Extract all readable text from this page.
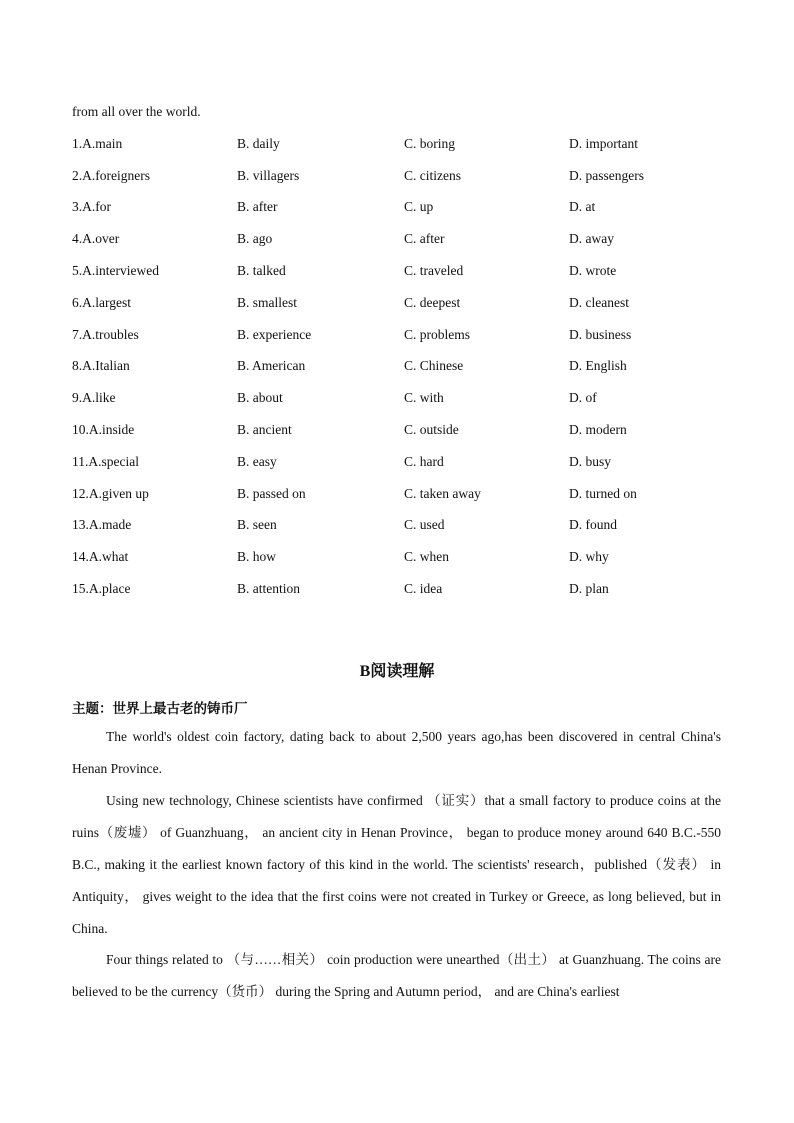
from all over the world.
1.A.main	B. daily	C. boring	D. important
2.A.foreigners	B. villagers	C. citizens	D. passengers
3.A.for	B. after	C. up	D. at
4.A.over	B. ago	C. after	D. away
5.A.interviewed	B. talked	C. traveled	D. wrote
6.A.largest	B. smallest	C. deepest	D. cleanest
7.A.troubles	B. experience	C. problems	D. business
8.A.Italian	B. American	C. Chinese	D. English
9.A.like	B. about	C. with	D. of
10.A.inside	B. ancient	C. outside	D. modern
11.A.special	B. easy	C. hard	D. busy
12.A.given up	B. passed on	C. taken away	D. turned on
13.A.made	B. seen	C. used	D. found
14.A.what	B. how	C. when	D. why
15.A.place	B. attention	C. idea	D. plan
B阅读理解
主题：世界上最古老的铸币厂

The world's oldest coin factory, dating back to about 2,500 years ago,has been discovered in central China's Henan Province.

Using new technology, Chinese scientists have confirmed （证实）that a small factory to produce coins at the ruins（废墟） of Guanzhuang， an ancient city in Henan Province， began to produce money around 640 B.C.-550 B.C., making it the earliest known factory of this kind in the world. The scientists' research，published（发表） in Antiquity， gives weight to the idea that the first coins were not created in Turkey or Greece, as long believed, but in China.

Four things related to （与……相关） coin production were unearthed（出土） at Guanzhuang. The coins are believed to be the currency（货币） during the Spring and Autumn period， and are China's earliest
